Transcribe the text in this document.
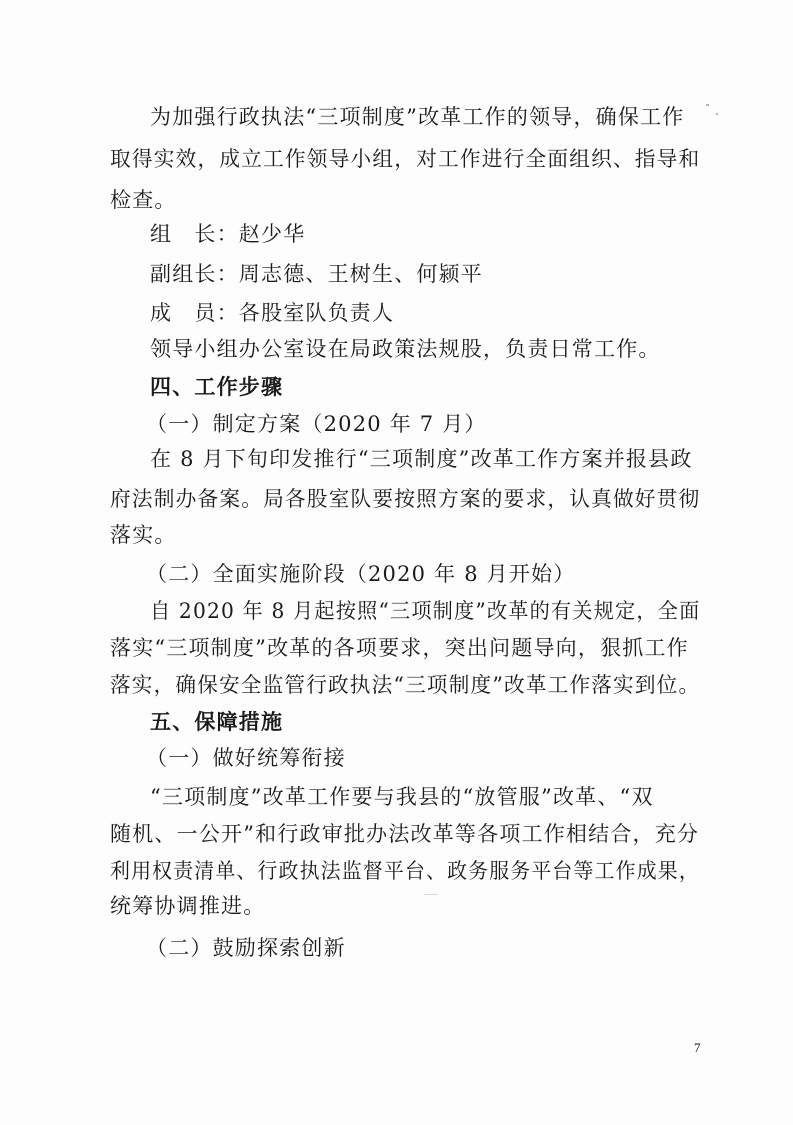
为加强行政执法“三项制度”改革工作的领导，确保工作
取得实效，成立工作领导小组，对工作进行全面组织、指导和
检查。
组　长：赵少华
副组长：周志德、王树生、何颍平
成　员：各股室队负责人
领导小组办公室设在局政策法规股，负责日常工作。
四、工作步骤
（一）制定方案（2020 年 7 月）
在 8 月下旬印发推行“三项制度”改革工作方案并报县政
府法制办备案。局各股室队要按照方案的要求，认真做好贯彻
落实。
（二）全面实施阶段（2020 年 8 月开始）
自 2020 年 8 月起按照“三项制度”改革的有关规定，全面
落实“三项制度”改革的各项要求，突出问题导向，狠抓工作
落实，确保安全监管行政执法“三项制度”改革工作落实到位。
五、保障措施
（一）做好统筹衔接
“三项制度”改革工作要与我县的“放管服”改革、“双
随机、一公开”和行政审批办法改革等各项工作相结合，充分
利用权责清单、行政执法监督平台、政务服务平台等工作成果，
统筹协调推进。
（二）鼓励探索创新
7
